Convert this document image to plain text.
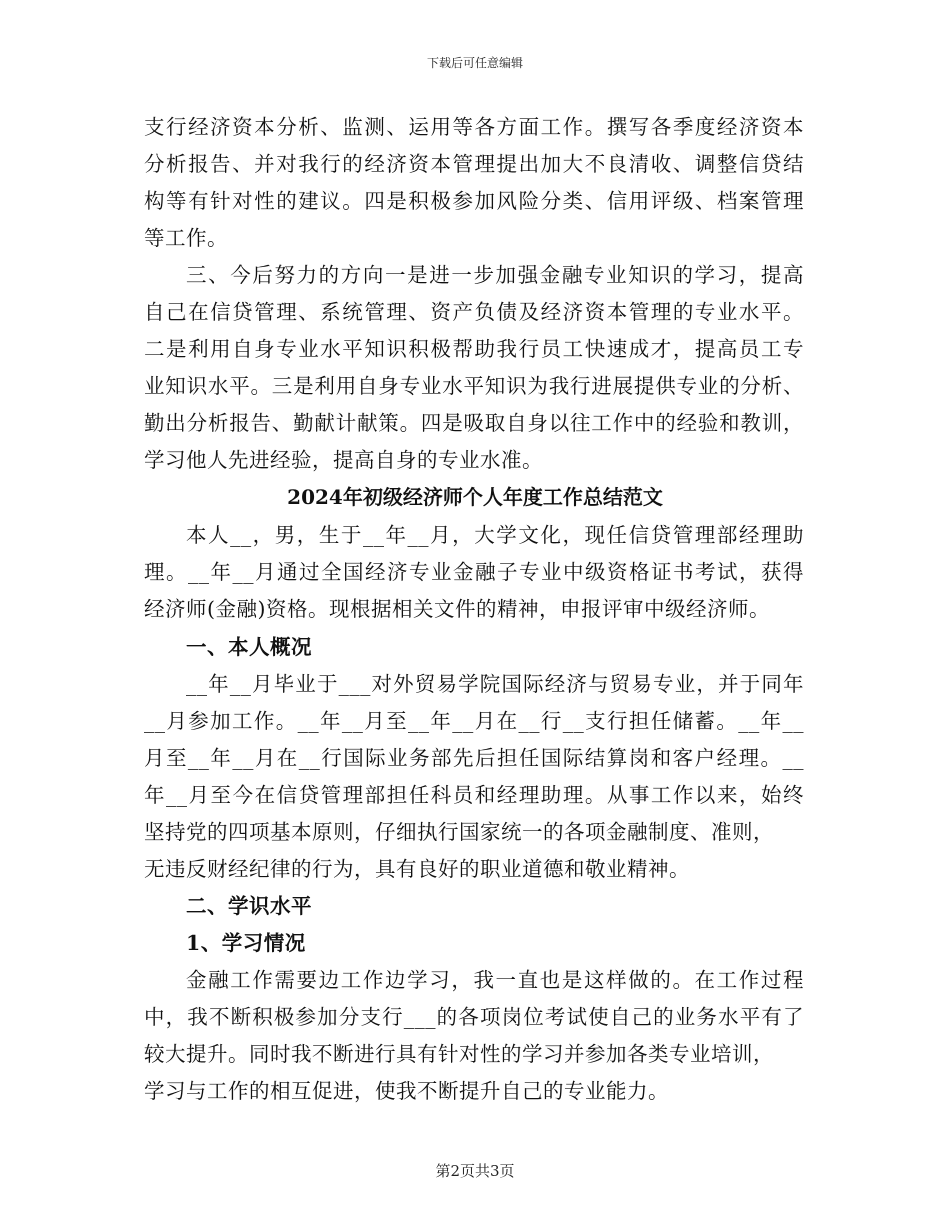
下载后可任意编辑
支行经济资本分析、监测、运用等各方面工作。撰写各季度经济资本
分析报告、并对我行的经济资本管理提出加大不良清收、调整信贷结
构等有针对性的建议。四是积极参加风险分类、信用评级、档案管理
等工作。
三、今后努力的方向一是进一步加强金融专业知识的学习，提高
自己在信贷管理、系统管理、资产负债及经济资本管理的专业水平。
二是利用自身专业水平知识积极帮助我行员工快速成才，提高员工专
业知识水平。三是利用自身专业水平知识为我行进展提供专业的分析、
勤出分析报告、勤献计献策。四是吸取自身以往工作中的经验和教训，
学习他人先进经验，提高自身的专业水准。
2024年初级经济师个人年度工作总结范文
本人__，男，生于__年__月，大学文化，现任信贷管理部经理助
理。__年__月通过全国经济专业金融子专业中级资格证书考试，获得
经济师(金融)资格。现根据相关文件的精神，申报评审中级经济师。
一、本人概况
__年__月毕业于___对外贸易学院国际经济与贸易专业，并于同年
__月参加工作。__年__月至__年__月在__行__支行担任储蓄。__年__
月至__年__月在__行国际业务部先后担任国际结算岗和客户经理。__
年__月至今在信贷管理部担任科员和经理助理。从事工作以来，始终
坚持党的四项基本原则，仔细执行国家统一的各项金融制度、准则，
无违反财经纪律的行为，具有良好的职业道德和敬业精神。
二、学识水平
1、学习情况
金融工作需要边工作边学习，我一直也是这样做的。在工作过程
中，我不断积极参加分支行___的各项岗位考试使自己的业务水平有了
较大提升。同时我不断进行具有针对性的学习并参加各类专业培训，
学习与工作的相互促进，使我不断提升自己的专业能力。
第2页共3页
